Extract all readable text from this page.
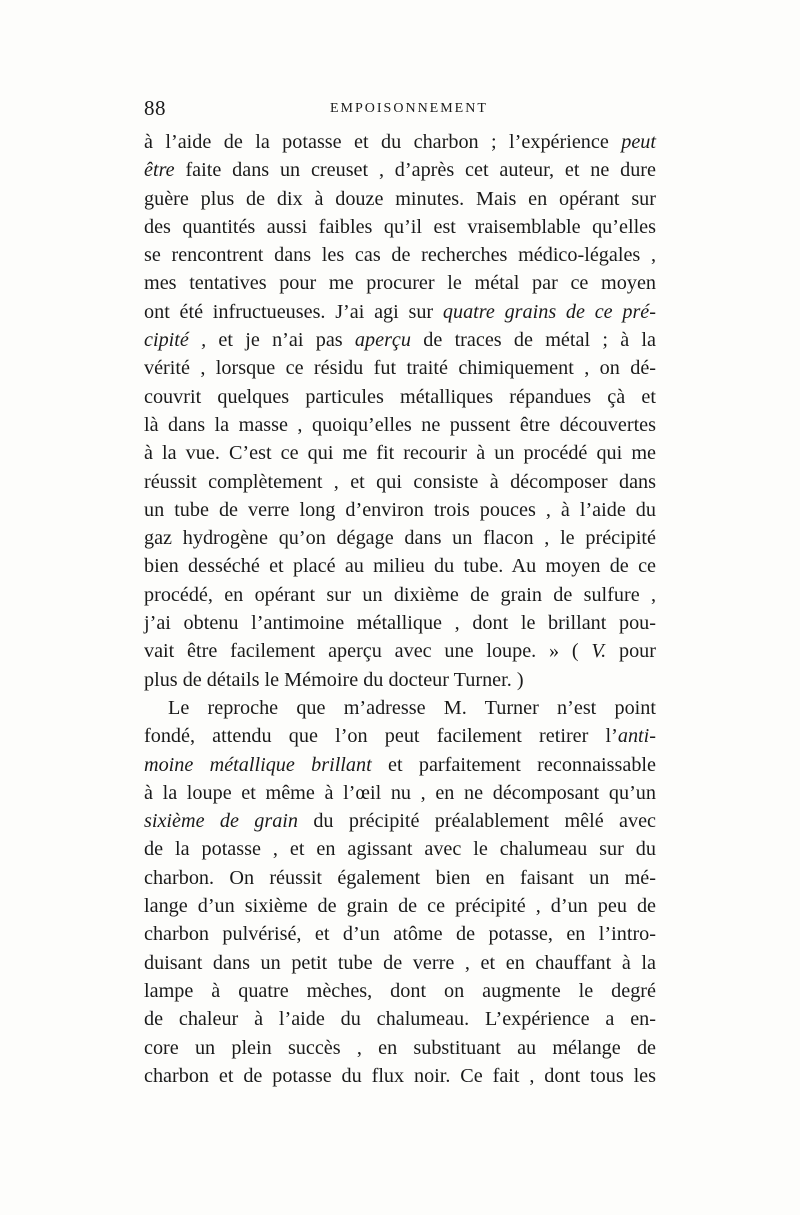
88	EMPOISONNEMENT
à l’aide de la potasse et du charbon ; l’expérience peut
être faite dans un creuset , d’après cet auteur, et ne dure
guère plus de dix à douze minutes. Mais en opérant sur
des quantités aussi faibles qu’il est vraisemblable qu’elles
se rencontrent dans les cas de recherches médico-légales ,
mes tentatives pour me procurer le métal par ce moyen
ont été infructueuses. J’ai agi sur quatre grains de ce pré-
cipité , et je n’ai pas aperçu de traces de métal ; à la
vérité , lorsque ce résidu fut traité chimiquement , on dé-
couvrit quelques particules métalliques répandues çà et
là dans la masse , quoiqu’elles ne pussent être découvertes
à la vue. C’est ce qui me fit recourir à un procédé qui me
réussit complètement , et qui consiste à décomposer dans
un tube de verre long d’environ trois pouces , à l’aide du
gaz hydrogène qu’on dégage dans un flacon , le précipité
bien desséché et placé au milieu du tube. Au moyen de ce
procédé, en opérant sur un dixième de grain de sulfure ,
j’ai obtenu l’antimoine métallique , dont le brillant pou-
vait être facilement aperçu avec une loupe. » ( V. pour
plus de détails le Mémoire du docteur Turner. )
Le reproche que m’adresse M. Turner n’est point
fondé, attendu que l’on peut facilement retirer l’anti-
moine métallique brillant et parfaitement reconnaissable
à la loupe et même à l’œil nu , en ne décomposant qu’un
sixième de grain du précipité préalablement mêlé avec
de la potasse , et en agissant avec le chalumeau sur du
charbon. On réussit également bien en faisant un mé-
lange d’un sixième de grain de ce précipité , d’un peu de
charbon pulvérisé, et d’un atôme de potasse, en l’intro-
duisant dans un petit tube de verre , et en chauffant à la
lampe à quatre mèches, dont on augmente le degré
de chaleur à l’aide du chalumeau. L’expérience a en-
core un plein succès , en substituant au mélange de
charbon et de potasse du flux noir. Ce fait , dont tous les
